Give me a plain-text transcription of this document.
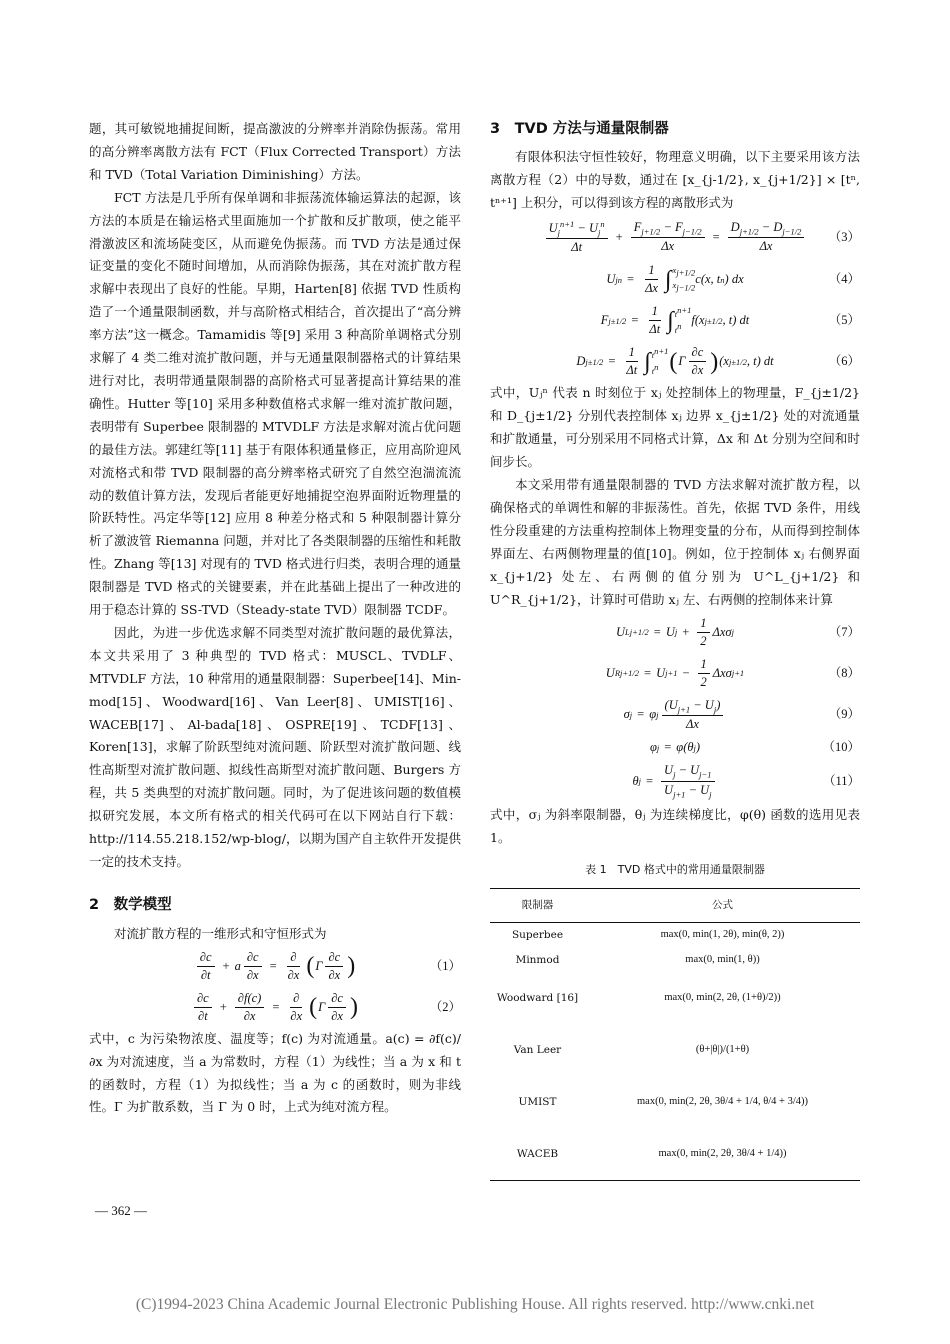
题，其可敏锐地捕捉间断，提高激波的分辨率并消除伪振荡。常用的高分辨率离散方法有 FCT（Flux Corrected Transport）方法和 TVD（Total Variation Diminishing）方法。

FCT 方法是几乎所有保单调和非振荡流体输运算法的起源，该方法的本质是在输运格式里面施加一个扩散和反扩散项，使之能平滑激波区和流场陡变区，从而避免伪振荡。而 TVD 方法是通过保证变量的变化不随时间增加，从而消除伪振荡，其在对流扩散方程求解中表现出了良好的性能。早期，Harten[8] 依据 TVD 性质构造了一个通量限制函数，并与高阶格式相结合，首次提出了“高分辨率方法”这一概念。Tamamidis 等[9] 采用 3 种高阶单调格式分别求解了 4 类二维对流扩散问题，并与无通量限制器格式的计算结果进行对比，表明带通量限制器的高阶格式可显著提高计算结果的准确性。Hutter 等[10] 采用多种数值格式求解一维对流扩散问题，表明带有 Superbee 限制器的 MTVDLF 方法是求解对流占优问题的最佳方法。郭建红等[11] 基于有限体积通量修正，应用高阶迎风对流格式和带 TVD 限制器的高分辨率格式研究了自然空泡湍流流动的数值计算方法，发现后者能更好地捕捉空泡界面附近物理量的阶跃特性。冯定华等[12] 应用 8 种差分格式和 5 种限制器计算分析了激波管 Riemanna 问题，并对比了各类限制器的压缩性和耗散性。Zhang 等[13] 对现有的 TVD 格式进行归类，表明合理的通量限制器是 TVD 格式的关键要素，并在此基础上提出了一种改进的用于稳态计算的 SS-TVD（Steady-state TVD）限制器 TCDF。

因此，为进一步优选求解不同类型对流扩散问题的最优算法，本文共采用了 3 种典型的 TVD 格式：MUSCL、TVDLF、MTVDLF 方法，10 种常用的通量限制器：Superbee[14]、Min-mod[15]、Woodward[16]、Van Leer[8]、UMIST[16]、WACEB[17]、Al-bada[18]、OSPRE[19]、TCDF[13]、Koren[13]，求解了阶跃型纯对流问题、阶跃型对流扩散问题、线性高斯型对流扩散问题、拟线性高斯型对流扩散问题、Burgers 方程，共 5 类典型的对流扩散问题。同时，为了促进该问题的数值模拟研究发展，本文所有格式的相关代码可在以下网站自行下载：http://114.55.218.152/wp-blog/，以期为国产自主软件开发提供一定的技术支持。

2　数学模型

对流扩散方程的一维形式和守恒形式为

$\frac{\partial c}{\partial t} + a \frac{\partial c}{\partial x} = \frac{\partial}{\partial x}$ ( Γ $\frac{\partial c}{\partial x}$ )	（1）
$\frac{\partial c}{\partial t} + \frac{\partial f(c)}{\partial x} = \frac{\partial}{\partial x}$ ( Γ $\frac{\partial c}{\partial x}$ )	（2）

式中，c 为污染物浓度、温度等；f(c) 为对流通量。a(c) = ∂f(c)/∂x 为对流速度，当 a 为常数时，方程（1）为线性；当 a 为 x 和 t 的函数时，方程（1）为拟线性；当 a 为 c 的函数时，则为非线性。Γ 为扩散系数，当 Γ 为 0 时，上式为纯对流方程。

3　TVD 方法与通量限制器

有限体积法守恒性较好，物理意义明确，以下主要采用该方法离散方程（2）中的导数，通过在 [x_{j-1/2}, x_{j+1/2}] × [tⁿ, tⁿ⁺¹] 上积分，可以得到该方程的离散形式为

$\frac{U_j^{n+1} - U_j^n}{\Delta t} + \frac{F_{j+1/2} - F_{j-1/2}}{\Delta x} = \frac{D_{j+1/2} - D_{j-1/2}}{\Delta x} (3)$
U j $n = \frac{1}{\Delta x}$ ∫ $x_{j+1/2}$
$x_{j-1/2}$
c(x, t n ) dx	（4）
F $j\pm 1/2 = \frac{1}{\Delta t}$ ∫ $t^{n+1}$
$t^n$ f(x j±1/2 , t) dt	（5）
D $j\pm 1/2 = \frac{1}{\Delta t}$ ∫ $t^{n+1}$
$t^n$ ( Γ $\frac{\partial c}{\partial x}$ ) (x j±1/2 , t) dt	（6）

式中，Uⱼⁿ 代表 n 时刻位于 xⱼ 处控制体上的物理量，F_{j±1/2} 和 D_{j±1/2} 分别代表控制体 xⱼ 边界 x_{j±1/2} 处的对流通量和扩散通量，可分别采用不同格式计算，Δx 和 Δt 分别为空间和时间步长。

本文采用带有通量限制器的 TVD 方法求解对流扩散方程，以确保格式的单调性和解的非振荡性。首先，依据 TVD 条件，用线性分段重建的方法重构控制体上物理变量的分布，从而得到控制体界面左、右两侧物理量的值[10]。例如，位于控制体 xⱼ 右侧界面 x_{j+1/2} 处左、右两侧的值分别为 U^L_{j+1/2} 和 U^R_{j+1/2}，计算时可借助 xⱼ 左、右两侧的控制体来计算

U L j+1/2 = U $j + \frac{1}{2}$ Δxσ j	（7）
U R j+1/2 = U $j+1 - \frac{1}{2}$ Δxσ j+1	（8）
σ j = φ j $\frac{(U_{j+1} - U_j)}{\Delta x}$	（9）
φ j = φ(θ j )	（10）
θ $j = \frac{U_j - U_{j-1}}{U_{j+1} - U_j}$	（11）

式中，σⱼ 为斜率限制器，θⱼ 为连续梯度比，φ(θ) 函数的选用见表 1。

表 1　TVD 格式中的常用通量限制器
限制器	公式
Superbee	max(0, min(1, 2θ), min(θ, 2))
Minmod	max(0, min(1, θ))
Woodward [16]	max(0, min(2, 2θ, (1+θ)/2))
Van Leer	(θ+|θ|)/(1+θ)
UMIST	max(0, min(2, 2θ, 3θ/4 + 1/4, θ/4 + 3/4))
WACEB	max(0, min(2, 2θ, 3θ/4 + 1/4))
— 362 —
(C)1994-2023 China Academic Journal Electronic Publishing House. All rights reserved. http://www.cnki.net
